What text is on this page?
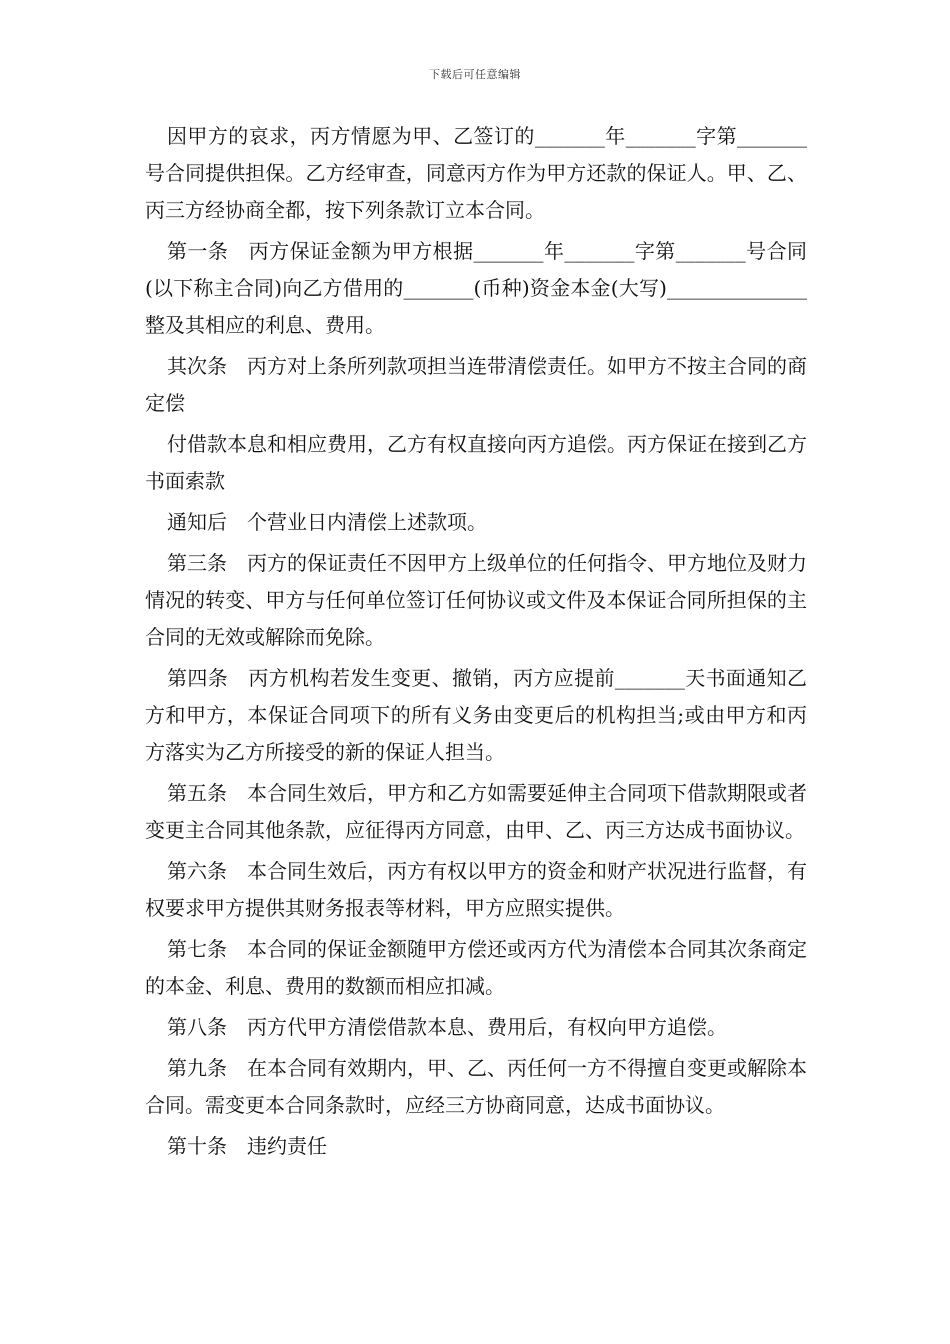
下载后可任意编辑

因甲方的哀求，丙方情愿为甲、乙签订的_______年_______字第_______号合同提供担保。乙方经审查，同意丙方作为甲方还款的保证人。甲、乙、丙三方经协商全都，按下列条款订立本合同。

第一条　丙方保证金额为甲方根据_______年_______字第_______号合同(以下称主合同)向乙方借用的_______(币种)资金本金(大写)______________整及其相应的利息、费用。

其次条　丙方对上条所列款项担当连带清偿责任。如甲方不按主合同的商定偿

付借款本息和相应费用，乙方有权直接向丙方追偿。丙方保证在接到乙方书面索款

通知后　个营业日内清偿上述款项。

第三条　丙方的保证责任不因甲方上级单位的任何指令、甲方地位及财力情况的转变、甲方与任何单位签订任何协议或文件及本保证合同所担保的主合同的无效或解除而免除。

第四条　丙方机构若发生变更、撤销，丙方应提前_______天书面通知乙方和甲方，本保证合同项下的所有义务由变更后的机构担当;或由甲方和丙方落实为乙方所接受的新的保证人担当。

第五条　本合同生效后，甲方和乙方如需要延伸主合同项下借款期限或者变更主合同其他条款，应征得丙方同意，由甲、乙、丙三方达成书面协议。

第六条　本合同生效后，丙方有权以甲方的资金和财产状况进行监督，有权要求甲方提供其财务报表等材料，甲方应照实提供。

第七条　本合同的保证金额随甲方偿还或丙方代为清偿本合同其次条商定的本金、利息、费用的数额而相应扣减。

第八条　丙方代甲方清偿借款本息、费用后，有权向甲方追偿。

第九条　在本合同有效期内，甲、乙、丙任何一方不得擅自变更或解除本合同。需变更本合同条款时，应经三方协商同意，达成书面协议。

第十条　违约责任
